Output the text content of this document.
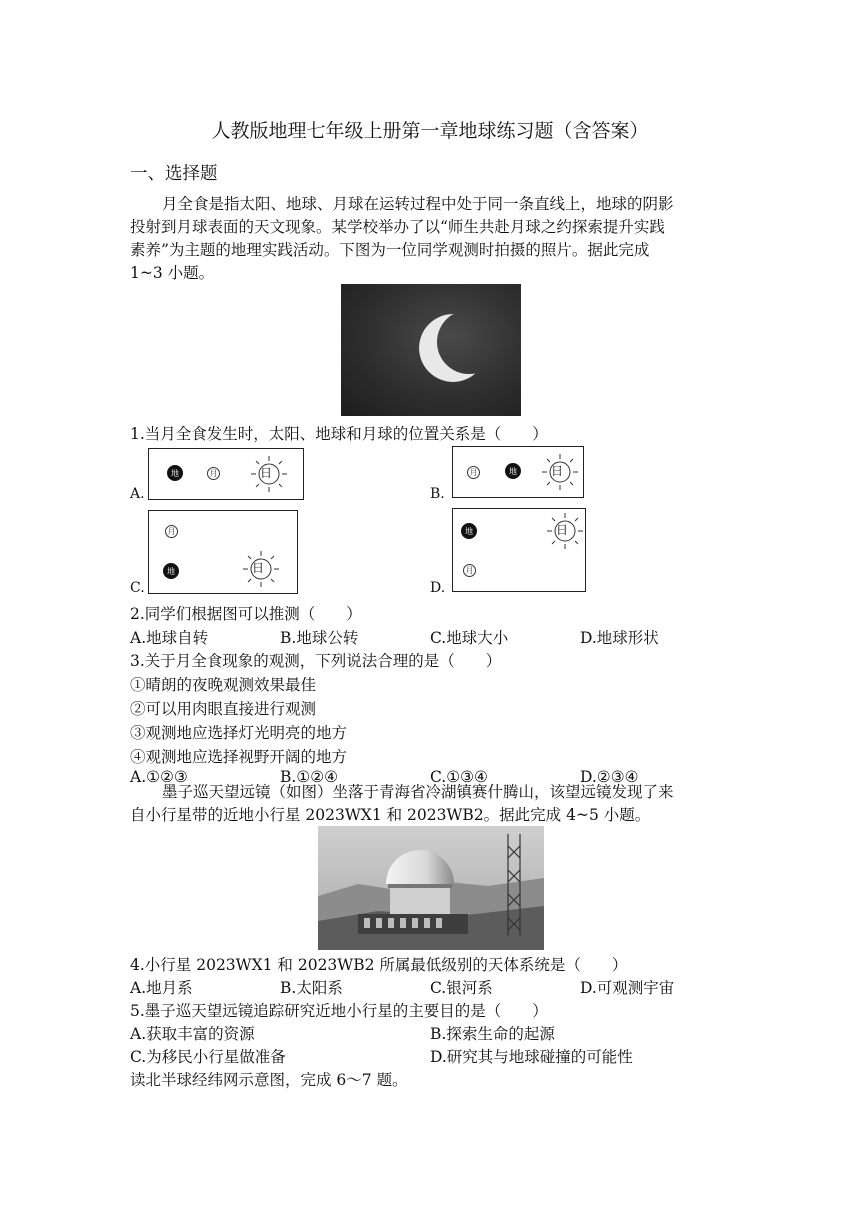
人教版地理七年级上册第一章地球练习题（含答案）
一、选择题
月全食是指太阳、地球、月球在运转过程中处于同一条直线上，地球的阴影
投射到月球表面的天文现象。某学校举办了以“师生共赴月球之约探索提升实践
素养”为主题的地理实践活动。下图为一位同学观测时拍摄的照片。据此完成
1~3 小题。
1.当月全食发生时，太阳、地球和月球的位置关系是（　　）
地	月	日
A.
月	地	日
B.
月
地	日
C.
地
月
日
D.
2.同学们根据图可以推测（　　）
A.地球自转	B.地球公转	C.地球大小	D.地球形状
3.关于月全食现象的观测，下列说法合理的是（　　）
①晴朗的夜晚观测效果最佳
②可以用肉眼直接进行观测
③观测地应选择灯光明亮的地方
④观测地应选择视野开阔的地方
A.①②③	B.①②④	C.①③④	D.②③④
墨子巡天望远镜（如图）坐落于青海省冷湖镇赛什腾山，该望远镜发现了来
自小行星带的近地小行星 2023WX1 和 2023WB2。据此完成 4~5 小题。
4.小行星 2023WX1 和 2023WB2 所属最低级别的天体系统是（　　）
A.地月系	B.太阳系	C.银河系	D.可观测宇宙
5.墨子巡天望远镜追踪研究近地小行星的主要目的是（　　）
A.获取丰富的资源	B.探索生命的起源
C.为移民小行星做准备	D.研究其与地球碰撞的可能性
读北半球经纬网示意图，完成 6～7 题。
